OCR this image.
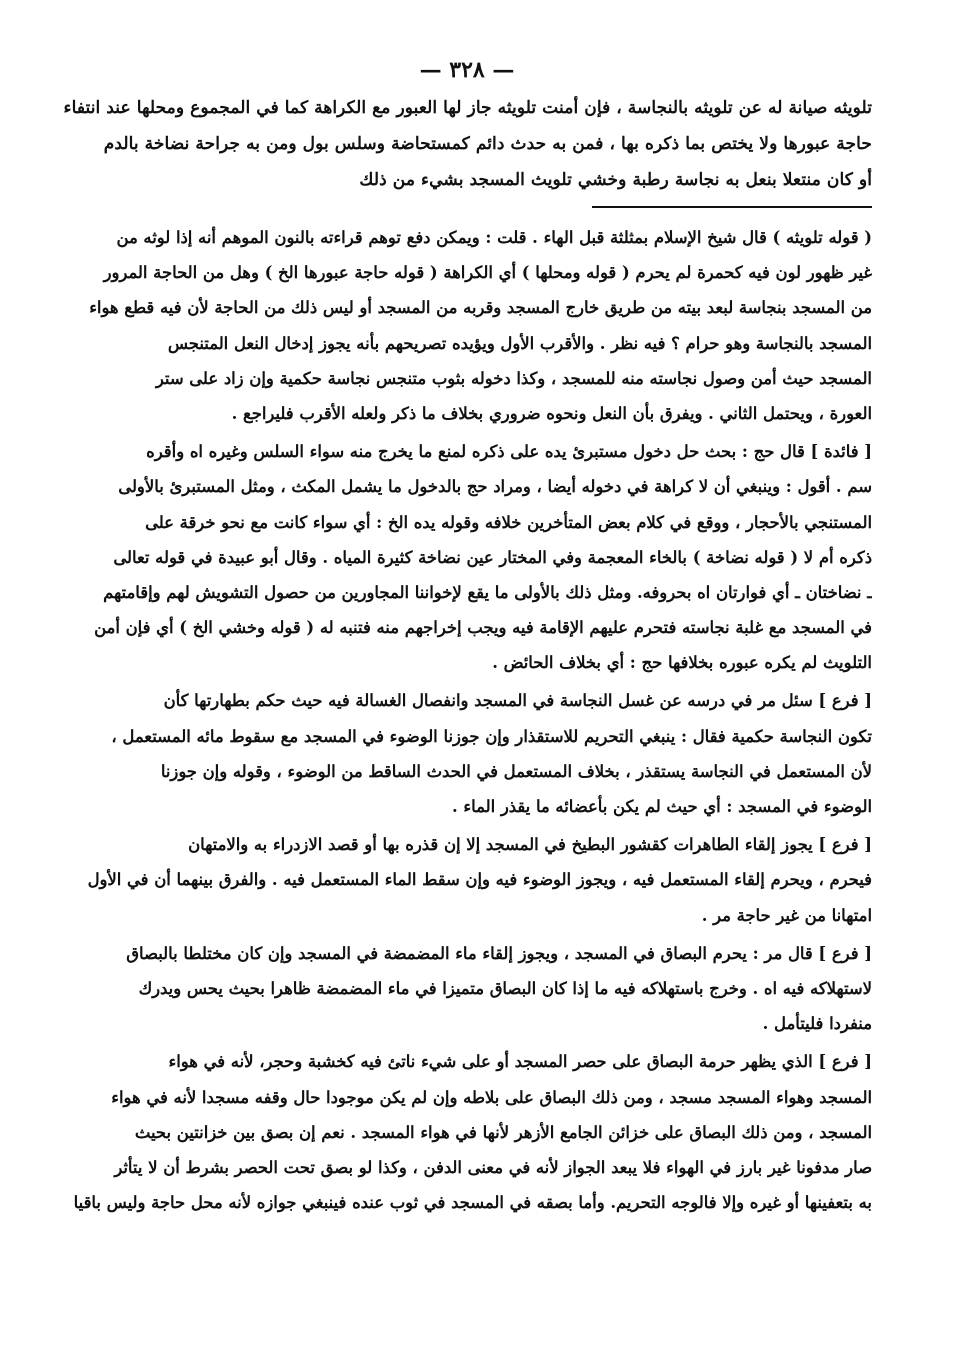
— ٣٢٨ —
تلويثه صيانة له عن تلويثه بالنجاسة ، فإن أمنت تلويثه جاز لها العبور مع الكراهة كما في المجموع ومحلها عند انتفاء
حاجة عبورها ولا يختص بما ذكره بها ، فمن به حدث دائم كمستحاضة وسلس بول ومن به جراحة نضاخة بالدم
أو كان منتعلا بنعل به نجاسة رطبة وخشي تلويث المسجد بشيء من ذلك
( قوله تلويثه ) قال شيخ الإسلام بمثلثة قبل الهاء . قلت : ويمكن دفع توهم قراءته بالنون الموهم أنه إذا لوثه من
غير ظهور لون فيه كحمرة لم يحرم ( قوله ومحلها ) أي الكراهة ( قوله حاجة عبورها الخ ) وهل من الحاجة المرور
من المسجد بنجاسة لبعد بيته من طريق خارج المسجد وقربه من المسجد أو ليس ذلك من الحاجة لأن فيه قطع هواء
المسجد بالنجاسة وهو حرام ؟ فيه نظر . والأقرب الأول ويؤيده تصريحهم بأنه يجوز إدخال النعل المتنجس
المسجد حيث أمن وصول نجاسته منه للمسجد ، وكذا دخوله بثوب متنجس نجاسة حكمية وإن زاد على ستر
العورة ، ويحتمل الثاني . ويفرق بأن النعل ونحوه ضروري بخلاف ما ذكر ولعله الأقرب فليراجع .
[ فائدة ] قال حج : بحث حل دخول مستبرئ يده على ذكره لمنع ما يخرج منه سواء السلس وغيره اه وأقره
سم . أقول : وينبغي أن لا كراهة في دخوله أيضا ، ومراد حج بالدخول ما يشمل المكث ، ومثل المستبرئ بالأولى
المستنجي بالأحجار ، ووقع في كلام بعض المتأخرين خلافه وقوله يده الخ : أي سواء كانت مع نحو خرقة على
ذكره أم لا ( قوله نضاخة ) بالخاء المعجمة وفي المختار عين نضاخة كثيرة المياه . وقال أبو عبيدة في قوله تعالى
ـ نضاختان ـ أي فوارتان اه بحروفه. ومثل ذلك بالأولى ما يقع لإخواننا المجاورين من حصول التشويش لهم وإقامتهم
في المسجد مع غلبة نجاسته فتحرم عليهم الإقامة فيه ويجب إخراجهم منه فتنبه له ( قوله وخشي الخ ) أي فإن أمن
التلويث لم يكره عبوره بخلافها حج : أي بخلاف الحائض .
[ فرع ] سئل مر في درسه عن غسل النجاسة في المسجد وانفصال الغسالة فيه حيث حكم بطهارتها كأن
تكون النجاسة حكمية فقال : ينبغي التحريم للاستقذار وإن جوزنا الوضوء في المسجد مع سقوط مائه المستعمل ،
لأن المستعمل في النجاسة يستقذر ، بخلاف المستعمل في الحدث الساقط من الوضوء ، وقوله وإن جوزنا
الوضوء في المسجد : أي حيث لم يكن بأعضائه ما يقذر الماء .
[ فرع ] يجوز إلقاء الطاهرات كقشور البطيخ في المسجد إلا إن قذره بها أو قصد الازدراء به والامتهان
فيحرم ، ويحرم إلقاء المستعمل فيه ، ويجوز الوضوء فيه وإن سقط الماء المستعمل فيه . والفرق بينهما أن في الأول
امتهانا من غير حاجة مر .
[ فرع ] قال مر : يحرم البصاق في المسجد ، ويجوز إلقاء ماء المضمضة في المسجد وإن كان مختلطا بالبصاق
لاستهلاكه فيه اه . وخرج باستهلاكه فيه ما إذا كان البصاق متميزا في ماء المضمضة ظاهرا بحيث يحس ويدرك
منفردا فليتأمل .
[ فرع ] الذي يظهر حرمة البصاق على حصر المسجد أو على شيء ناتئ فيه كخشبة وحجر، لأنه في هواء
المسجد وهواء المسجد مسجد ، ومن ذلك البصاق على بلاطه وإن لم يكن موجودا حال وقفه مسجدا لأنه في هواء
المسجد ، ومن ذلك البصاق على خزائن الجامع الأزهر لأنها في هواء المسجد . نعم إن بصق بين خزانتين بحيث
صار مدفونا غير بارز في الهواء فلا يبعد الجواز لأنه في معنى الدفن ، وكذا لو بصق تحت الحصر بشرط أن لا يتأثر
به بتعفينها أو غيره وإلا فالوجه التحريم. وأما بصقه في المسجد في ثوب عنده فينبغي جوازه لأنه محل حاجة وليس باقيا
